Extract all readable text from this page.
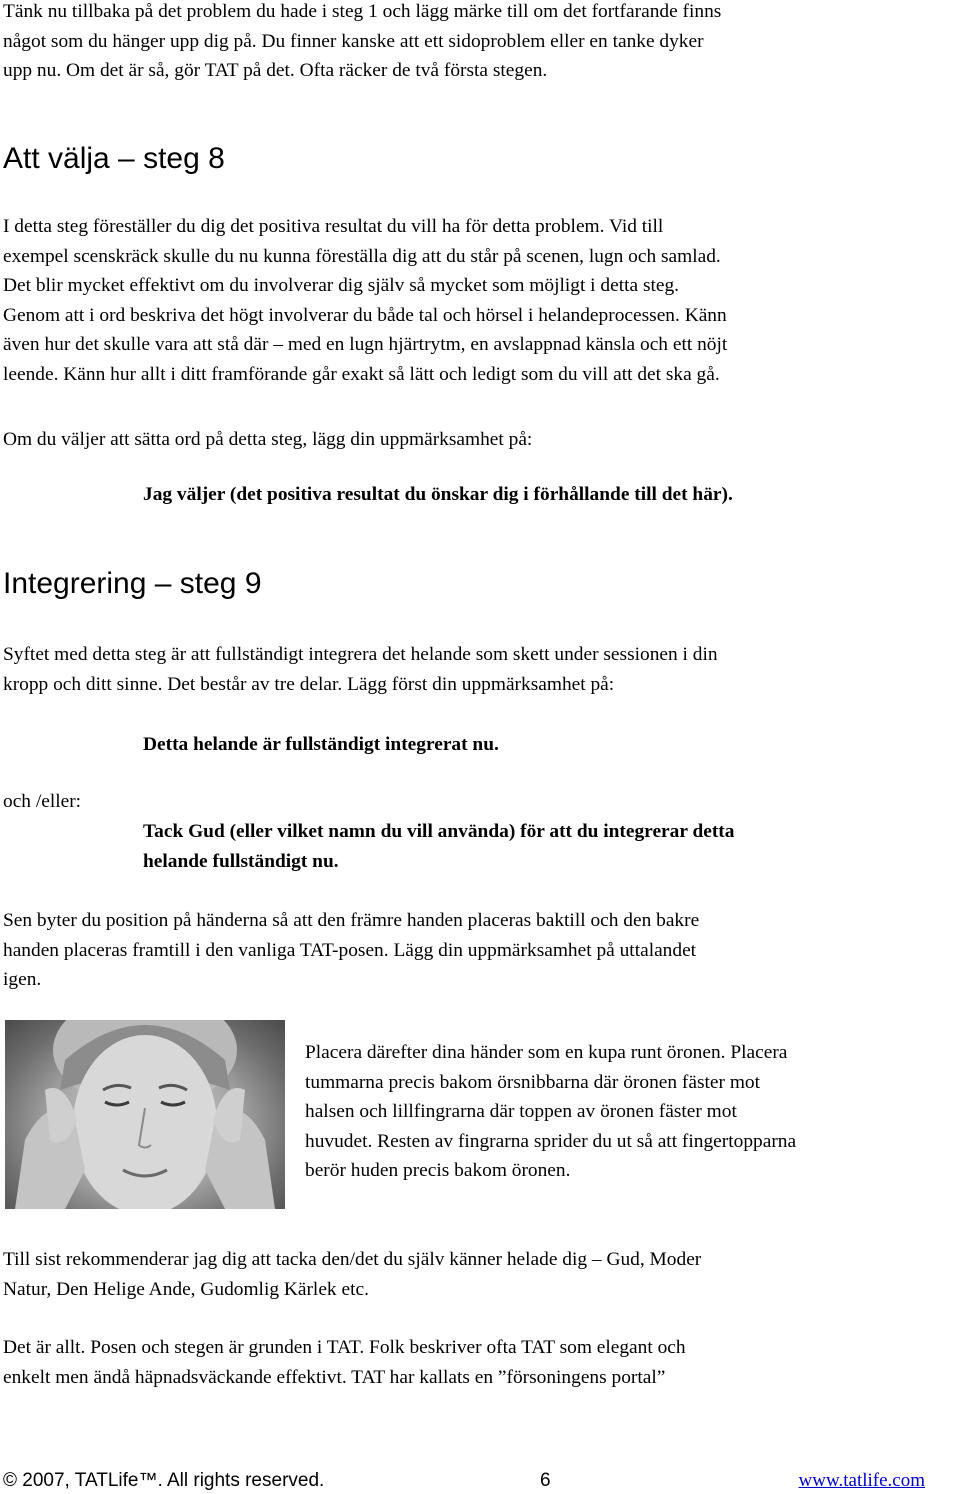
Tänk nu tillbaka på det problem du hade i steg 1 och lägg märke till om det fortfarande finns
något som du hänger upp dig på. Du finner kanske att ett sidoproblem eller en tanke dyker
upp nu. Om det är så, gör TAT på det. Ofta räcker de två första stegen.
Att välja – steg 8
I detta steg föreställer du dig det positiva resultat du vill ha för detta problem. Vid till
exempel scenskräck skulle du nu kunna föreställa dig att du står på scenen, lugn och samlad.
Det blir mycket effektivt om du involverar dig själv så mycket som möjligt i detta steg.
Genom att i ord beskriva det högt involverar du både tal och hörsel i helandeprocessen. Känn
även hur det skulle vara att stå där – med en lugn hjärtrytm, en avslappnad känsla och ett nöjt
leende. Känn hur allt i ditt framförande går exakt så lätt och ledigt som du vill att det ska gå.
Om du väljer att sätta ord på detta steg, lägg din uppmärksamhet på:
Jag väljer (det positiva resultat du önskar dig i förhållande till det här).
Integrering – steg 9
Syftet med detta steg är att fullständigt integrera det helande som skett under sessionen i din
kropp och ditt sinne. Det består av tre delar. Lägg först din uppmärksamhet på:
Detta helande är fullständigt integrerat nu.
och /eller:
Tack Gud (eller vilket namn du vill använda) för att du integrerar detta
helande fullständigt nu.
Sen byter du position på händerna så att den främre handen placeras baktill och den bakre
handen placeras framtill i den vanliga TAT-posen. Lägg din uppmärksamhet på uttalandet
igen.
Placera därefter dina händer som en kupa runt öronen. Placera
tummarna precis bakom örsnibbarna där öronen fäster mot
halsen och lillfingrarna där toppen av öronen fäster mot
huvudet. Resten av fingrarna sprider du ut så att fingertopparna
berör huden precis bakom öronen.
Till sist rekommenderar jag dig att tacka den/det du själv känner helade dig – Gud, Moder
Natur, Den Helige Ande, Gudomlig Kärlek etc.
Det är allt. Posen och stegen är grunden i TAT. Folk beskriver ofta TAT som elegant och
enkelt men ändå häpnadsväckande effektivt. TAT har kallats en ”försoningens portal”
© 2007, TATLife™. All rights reserved.	6	www.tatlife.com
